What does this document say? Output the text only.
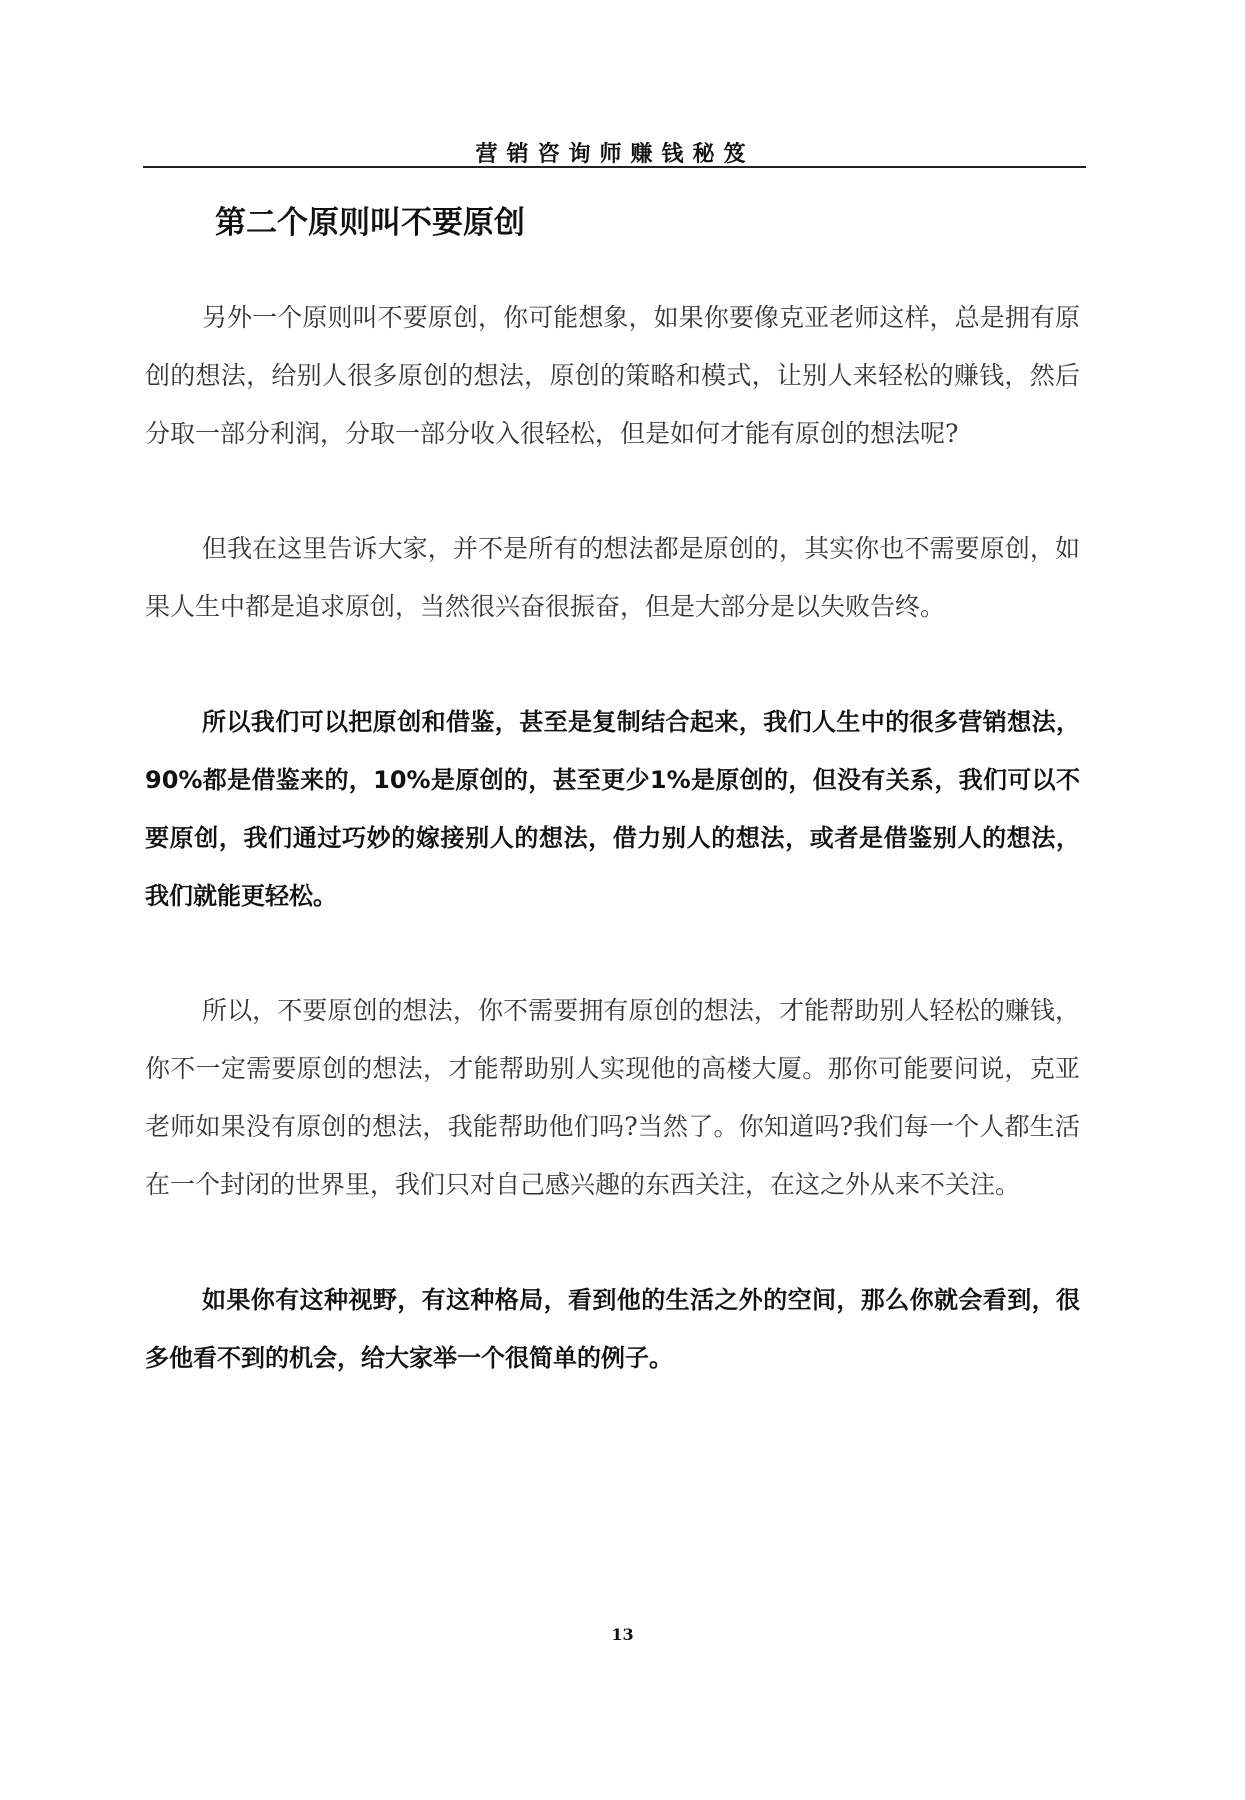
营销咨询师赚钱秘笈
第二个原则叫不要原创

另外一个原则叫不要原创，你可能想象，如果你要像克亚老师这样，总是拥有原创的想法，给别人很多原创的想法，原创的策略和模式，让别人来轻松的赚钱，然后分取一部分利润，分取一部分收入很轻松，但是如何才能有原创的想法呢?

但我在这里告诉大家，并不是所有的想法都是原创的，其实你也不需要原创，如果人生中都是追求原创，当然很兴奋很振奋，但是大部分是以失败告终。

所以我们可以把原创和借鉴，甚至是复制结合起来，我们人生中的很多营销想法，90%都是借鉴来的，10%是原创的，甚至更少1%是原创的，但没有关系，我们可以不要原创，我们通过巧妙的嫁接别人的想法，借力别人的想法，或者是借鉴别人的想法，我们就能更轻松。

所以，不要原创的想法，你不需要拥有原创的想法，才能帮助别人轻松的赚钱，你不一定需要原创的想法，才能帮助别人实现他的高楼大厦。那你可能要问说，克亚老师如果没有原创的想法，我能帮助他们吗?当然了。你知道吗?我们每一个人都生活在一个封闭的世界里，我们只对自己感兴趣的东西关注，在这之外从来不关注。

如果你有这种视野，有这种格局，看到他的生活之外的空间，那么你就会看到，很多他看不到的机会，给大家举一个很简单的例子。

13
